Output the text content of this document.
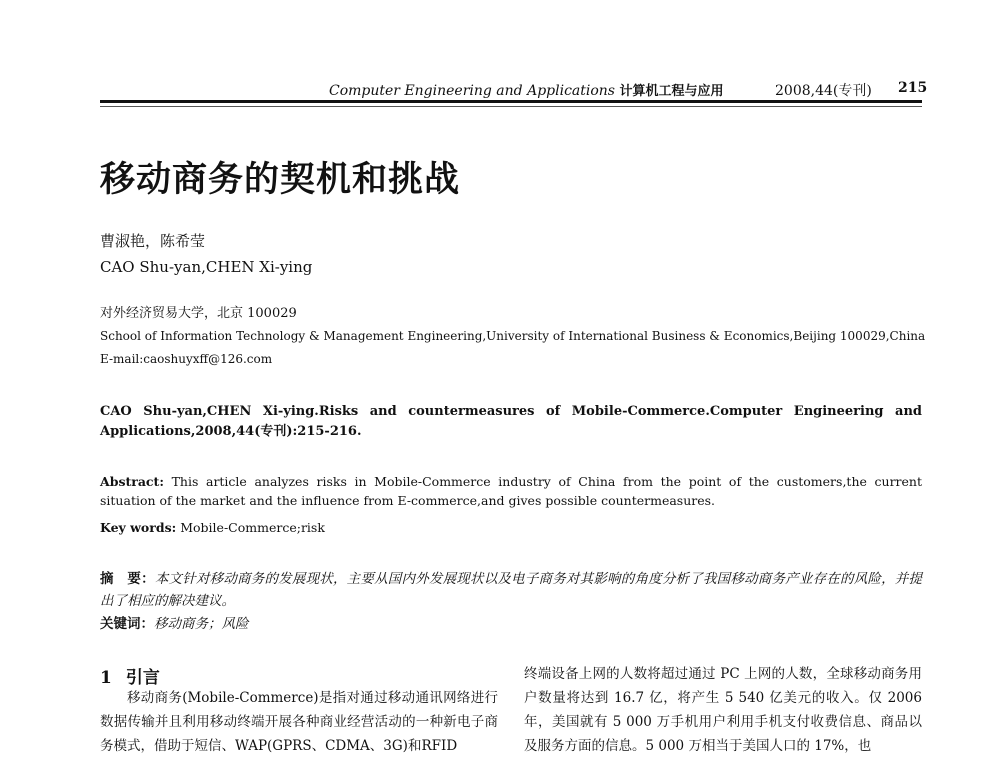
Computer Engineering and Applications 计算机工程与应用	2008,44(专刊) 215
移动商务的契机和挑战
曹淑艳，陈希莹
CAO Shu-yan,CHEN Xi-ying
对外经济贸易大学，北京 100029
School of Information Technology & Management Engineering,University of International Business & Economics,Beijing 100029,China
E-mail:caoshuyxff@126.com
CAO Shu-yan,CHEN Xi-ying.Risks and countermeasures of Mobile-Commerce.Computer Engineering and Applications,2008,44(专刊):215-216.
Abstract: This article analyzes risks in Mobile-Commerce industry of China from the point of the customers,the current situation of the market and the influence from E-commerce,and gives possible countermeasures.
Key words: Mobile-Commerce;risk
摘　要：本文针对移动商务的发展现状，主要从国内外发展现状以及电子商务对其影响的角度分析了我国移动商务产业存在的风险，并提出了相应的解决建议。
关键词：移动商务；风险
1 引言

移动商务(Mobile-Commerce)是指对通过移动通讯网络进行数据传输并且利用移动终端开展各种商业经营活动的一种新电子商务模式，借助于短信、WAP(GPRS、CDMA、3G)和RFID

终端设备上网的人数将超过通过 PC 上网的人数，全球移动商务用户数量将达到 16.7 亿，将产生 5 540 亿美元的收入。仅 2006 年，美国就有 5 000 万手机用户利用手机支付收费信息、商品以及服务方面的信息。5 000 万相当于美国人口的 17%，也
